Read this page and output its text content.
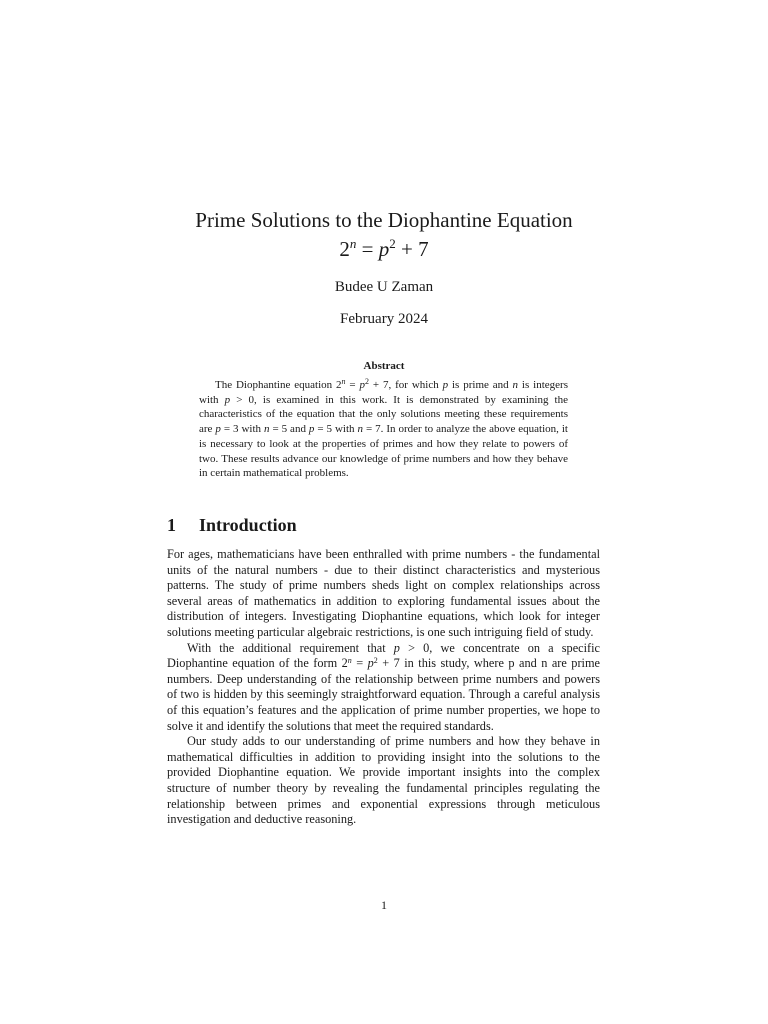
Prime Solutions to the Diophantine Equation
$2^n = p^2 + 7$
Budee U Zaman
February 2024
Abstract
The Diophantine equation $2^n = p^2 + 7$, for which p is prime and n is integers with p > 0, is examined in this work. It is demonstrated by examining the characteristics of the equation that the only solutions meeting these requirements are p = 3 with n = 5 and p = 5 with n = 7. In order to analyze the above equation, it is necessary to look at the properties of primes and how they relate to powers of two. These results advance our knowledge of prime numbers and how they behave in certain mathematical problems.
1 Introduction

For ages, mathematicians have been enthralled with prime numbers - the fundamental units of the natural numbers - due to their distinct characteristics and mysterious patterns. The study of prime numbers sheds light on complex relationships across several areas of mathematics in addition to exploring fundamental issues about the distribution of integers. Investigating Diophantine equations, which look for integer solutions meeting particular algebraic restrictions, is one such intriguing field of study.

With the additional requirement that p > 0, we concentrate on a specific Diophantine equation of the form $2^n = p^2 + 7$ in this study, where p and n are prime numbers. Deep understanding of the relationship between prime numbers and powers of two is hidden by this seemingly straightforward equation. Through a careful analysis of this equation’s features and the application of prime number properties, we hope to solve it and identify the solutions that meet the required standards.

Our study adds to our understanding of prime numbers and how they behave in mathematical difficulties in addition to providing insight into the solutions to the provided Diophantine equation. We provide important insights into the complex structure of number theory by revealing the fundamental principles regulating the relationship between primes and exponential expressions through meticulous investigation and deductive reasoning.

1
